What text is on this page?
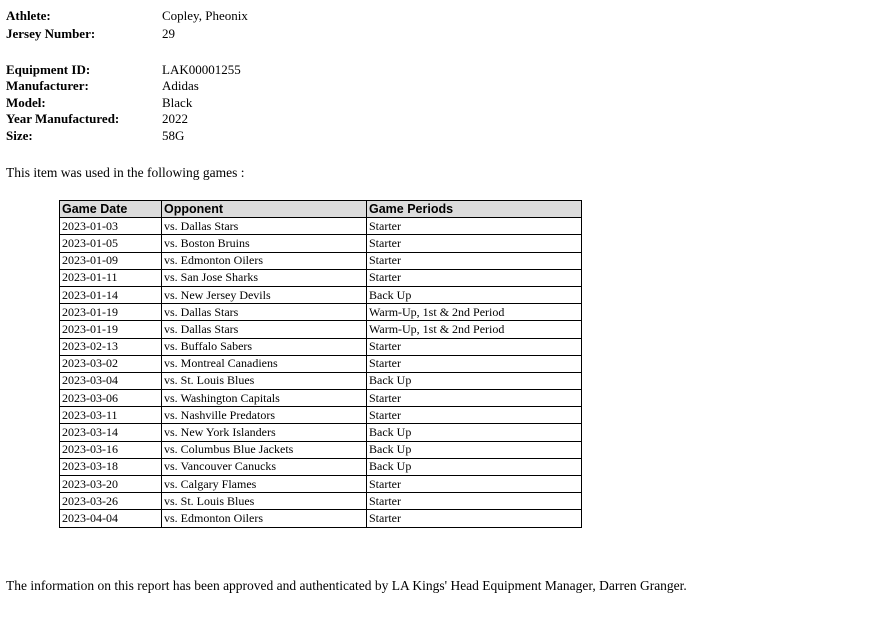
Athlete:	Copley, Pheonix
Jersey Number:	29
Equipment ID:	LAK00001255
Manufacturer:	Adidas
Model:	Black
Year Manufactured:	2022
Size:	58G
This item was used in the following games :
Game Date	Opponent	Game Periods
2023-01-03	vs. Dallas Stars	Starter
2023-01-05	vs. Boston Bruins	Starter
2023-01-09	vs. Edmonton Oilers	Starter
2023-01-11	vs. San Jose Sharks	Starter
2023-01-14	vs. New Jersey Devils	Back Up
2023-01-19	vs. Dallas Stars	Warm-Up, 1st & 2nd Period
2023-01-19	vs. Dallas Stars	Warm-Up, 1st & 2nd Period
2023-02-13	vs. Buffalo Sabers	Starter
2023-03-02	vs. Montreal Canadiens	Starter
2023-03-04	vs. St. Louis Blues	Back Up
2023-03-06	vs. Washington Capitals	Starter
2023-03-11	vs. Nashville Predators	Starter
2023-03-14	vs. New York Islanders	Back Up
2023-03-16	vs. Columbus Blue Jackets	Back Up
2023-03-18	vs. Vancouver Canucks	Back Up
2023-03-20	vs. Calgary Flames	Starter
2023-03-26	vs. St. Louis Blues	Starter
2023-04-04	vs. Edmonton Oilers	Starter
The information on this report has been approved and authenticated by LA Kings' Head Equipment Manager, Darren Granger.
